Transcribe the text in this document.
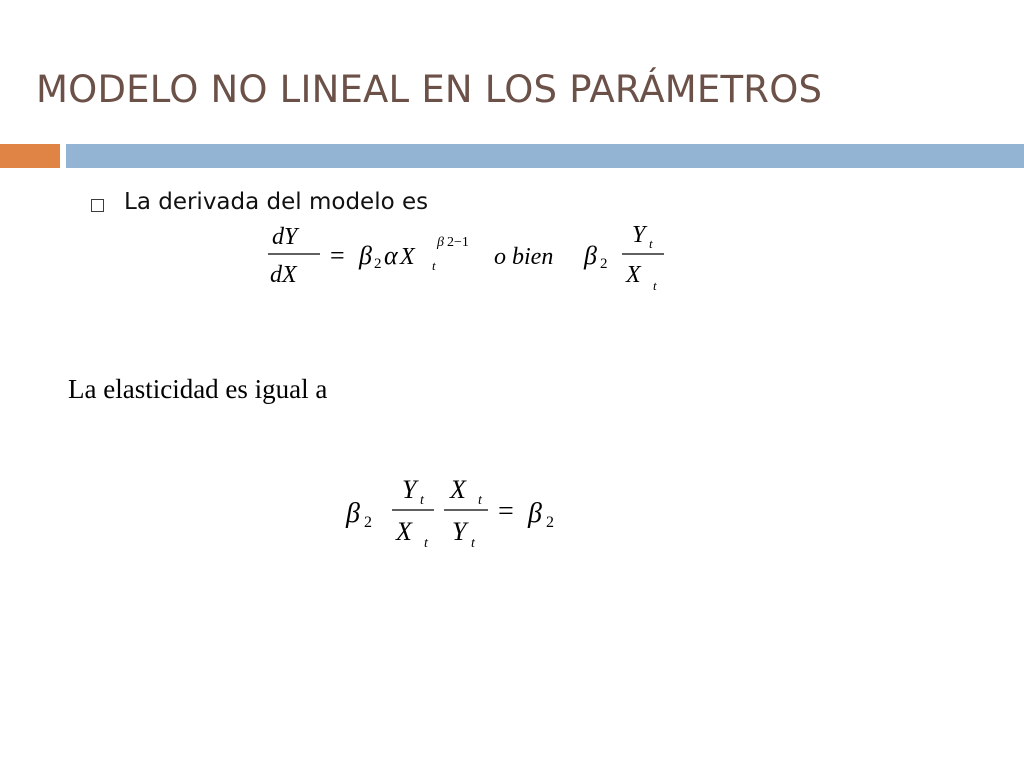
MODELO NO LINEAL EN LOS PARÁMETROS
La derivada del modelo es
dY
dX
= β 2 α X
β 2−1
t o bien β 2
Y t
X t
La elasticidad es igual a
β 2
Y t
X t
X t
Y t
= β 2
